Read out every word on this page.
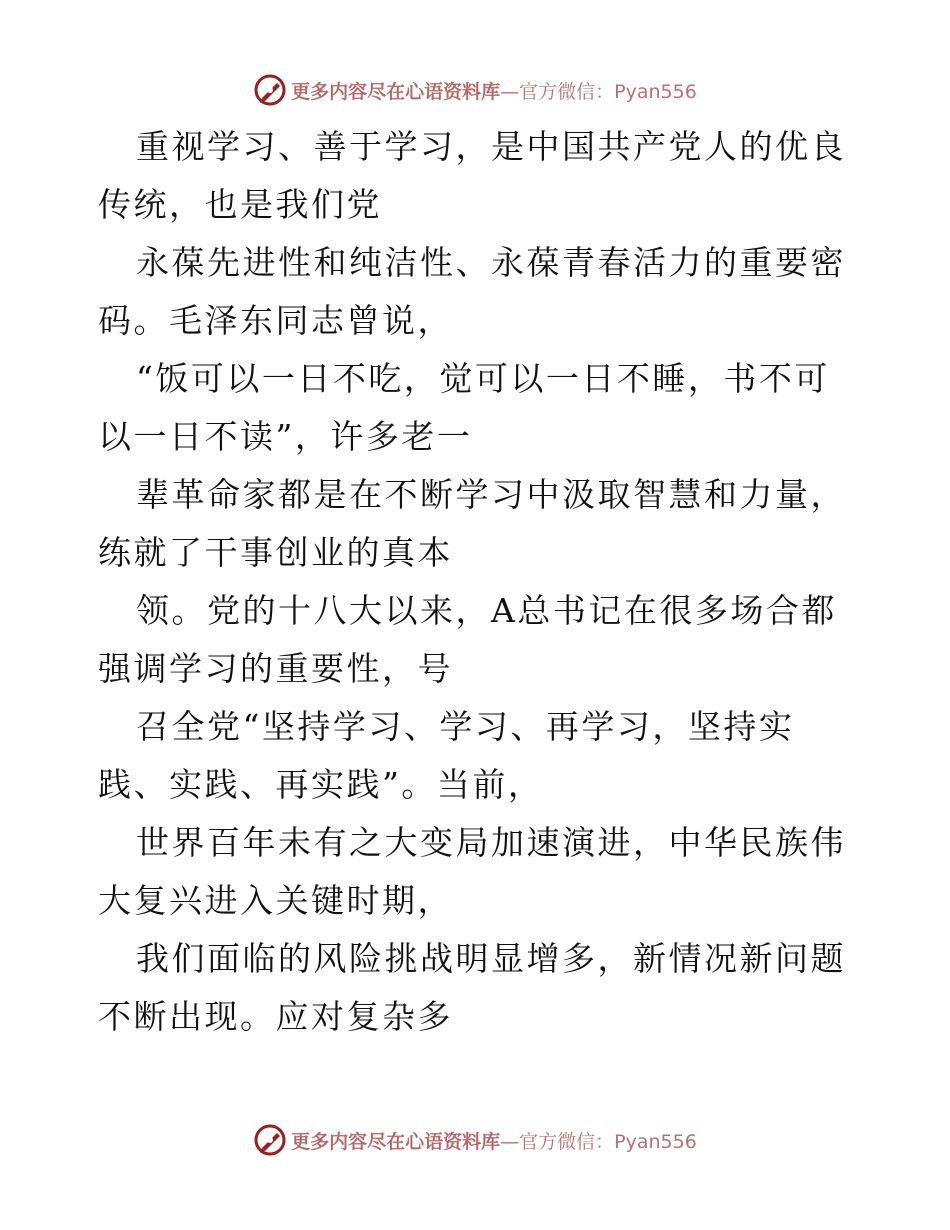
更多内容尽在心语资料库 —官方微信：Pyan556

重视学习、善于学习，是中国共产党人的优良传统，也是我们党

永葆先进性和纯洁性、永葆青春活力的重要密码。毛泽东同志曾说，

“饭可以一日不吃，觉可以一日不睡，书不可以一日不读”，许多老一

辈革命家都是在不断学习中汲取智慧和力量，练就了干事创业的真本

领。党的十八大以来，A总书记在很多场合都强调学习的重要性，号

召全党“坚持学习、学习、再学习，坚持实践、实践、再实践”。当前，

世界百年未有之大变局加速演进，中华民族伟大复兴进入关键时期，

我们面临的风险挑战明显增多，新情况新问题不断出现。应对复杂多

更多内容尽在心语资料库 —官方微信：Pyan556
